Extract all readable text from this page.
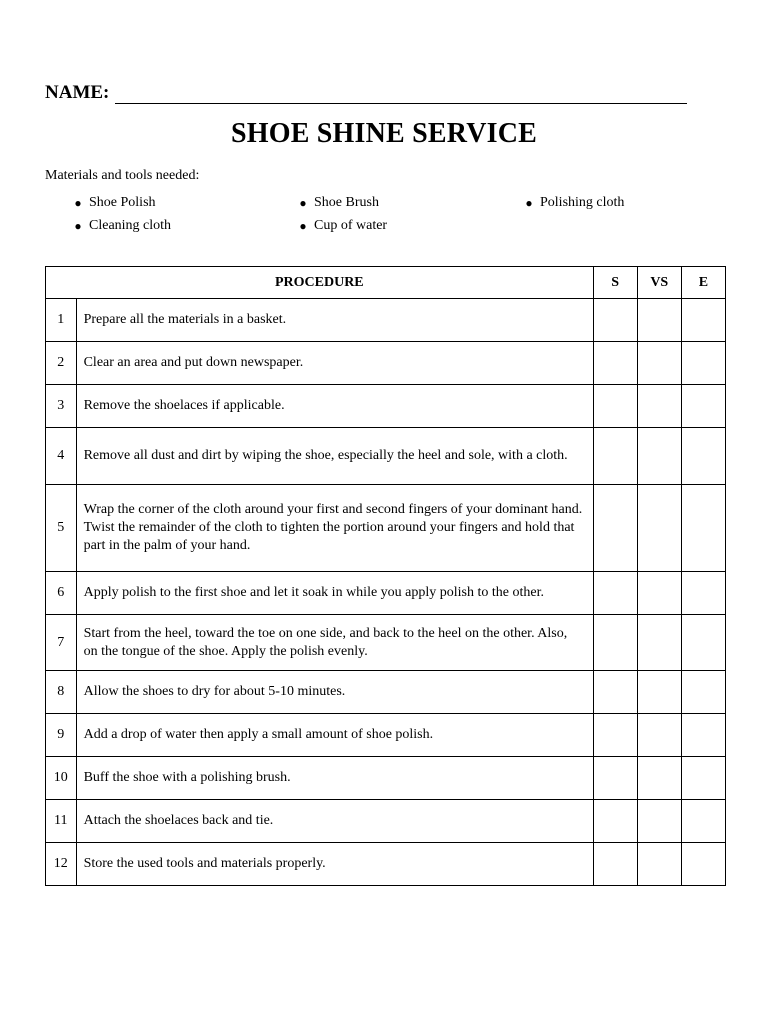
NAME:
SHOE SHINE SERVICE
Materials and tools needed:
● Shoe Polish
● Cleaning cloth
● Shoe Brush
● Cup of water
● Polishing cloth
PROCEDURE		S	VS	E
1	Prepare all the materials in a basket.			
2	Clear an area and put down newspaper.			
3	Remove the shoelaces if applicable.			
4	Remove all dust and dirt by wiping the shoe, especially the heel and sole, with a cloth.			
5	Wrap the corner of the cloth around your first and second fingers of your dominant hand. Twist the remainder of the cloth to tighten the portion around your fingers and hold that part in the palm of your hand.			
6	Apply polish to the first shoe and let it soak in while you apply polish to the other.			
7	Start from the heel, toward the toe on one side, and back to the heel on the other. Also, on the tongue of the shoe. Apply the polish evenly.			
8	Allow the shoes to dry for about 5-10 minutes.			
9	Add a drop of water then apply a small amount of shoe polish.			
10	Buff the shoe with a polishing brush.			
11	Attach the shoelaces back and tie.			
12	Store the used tools and materials properly.			
